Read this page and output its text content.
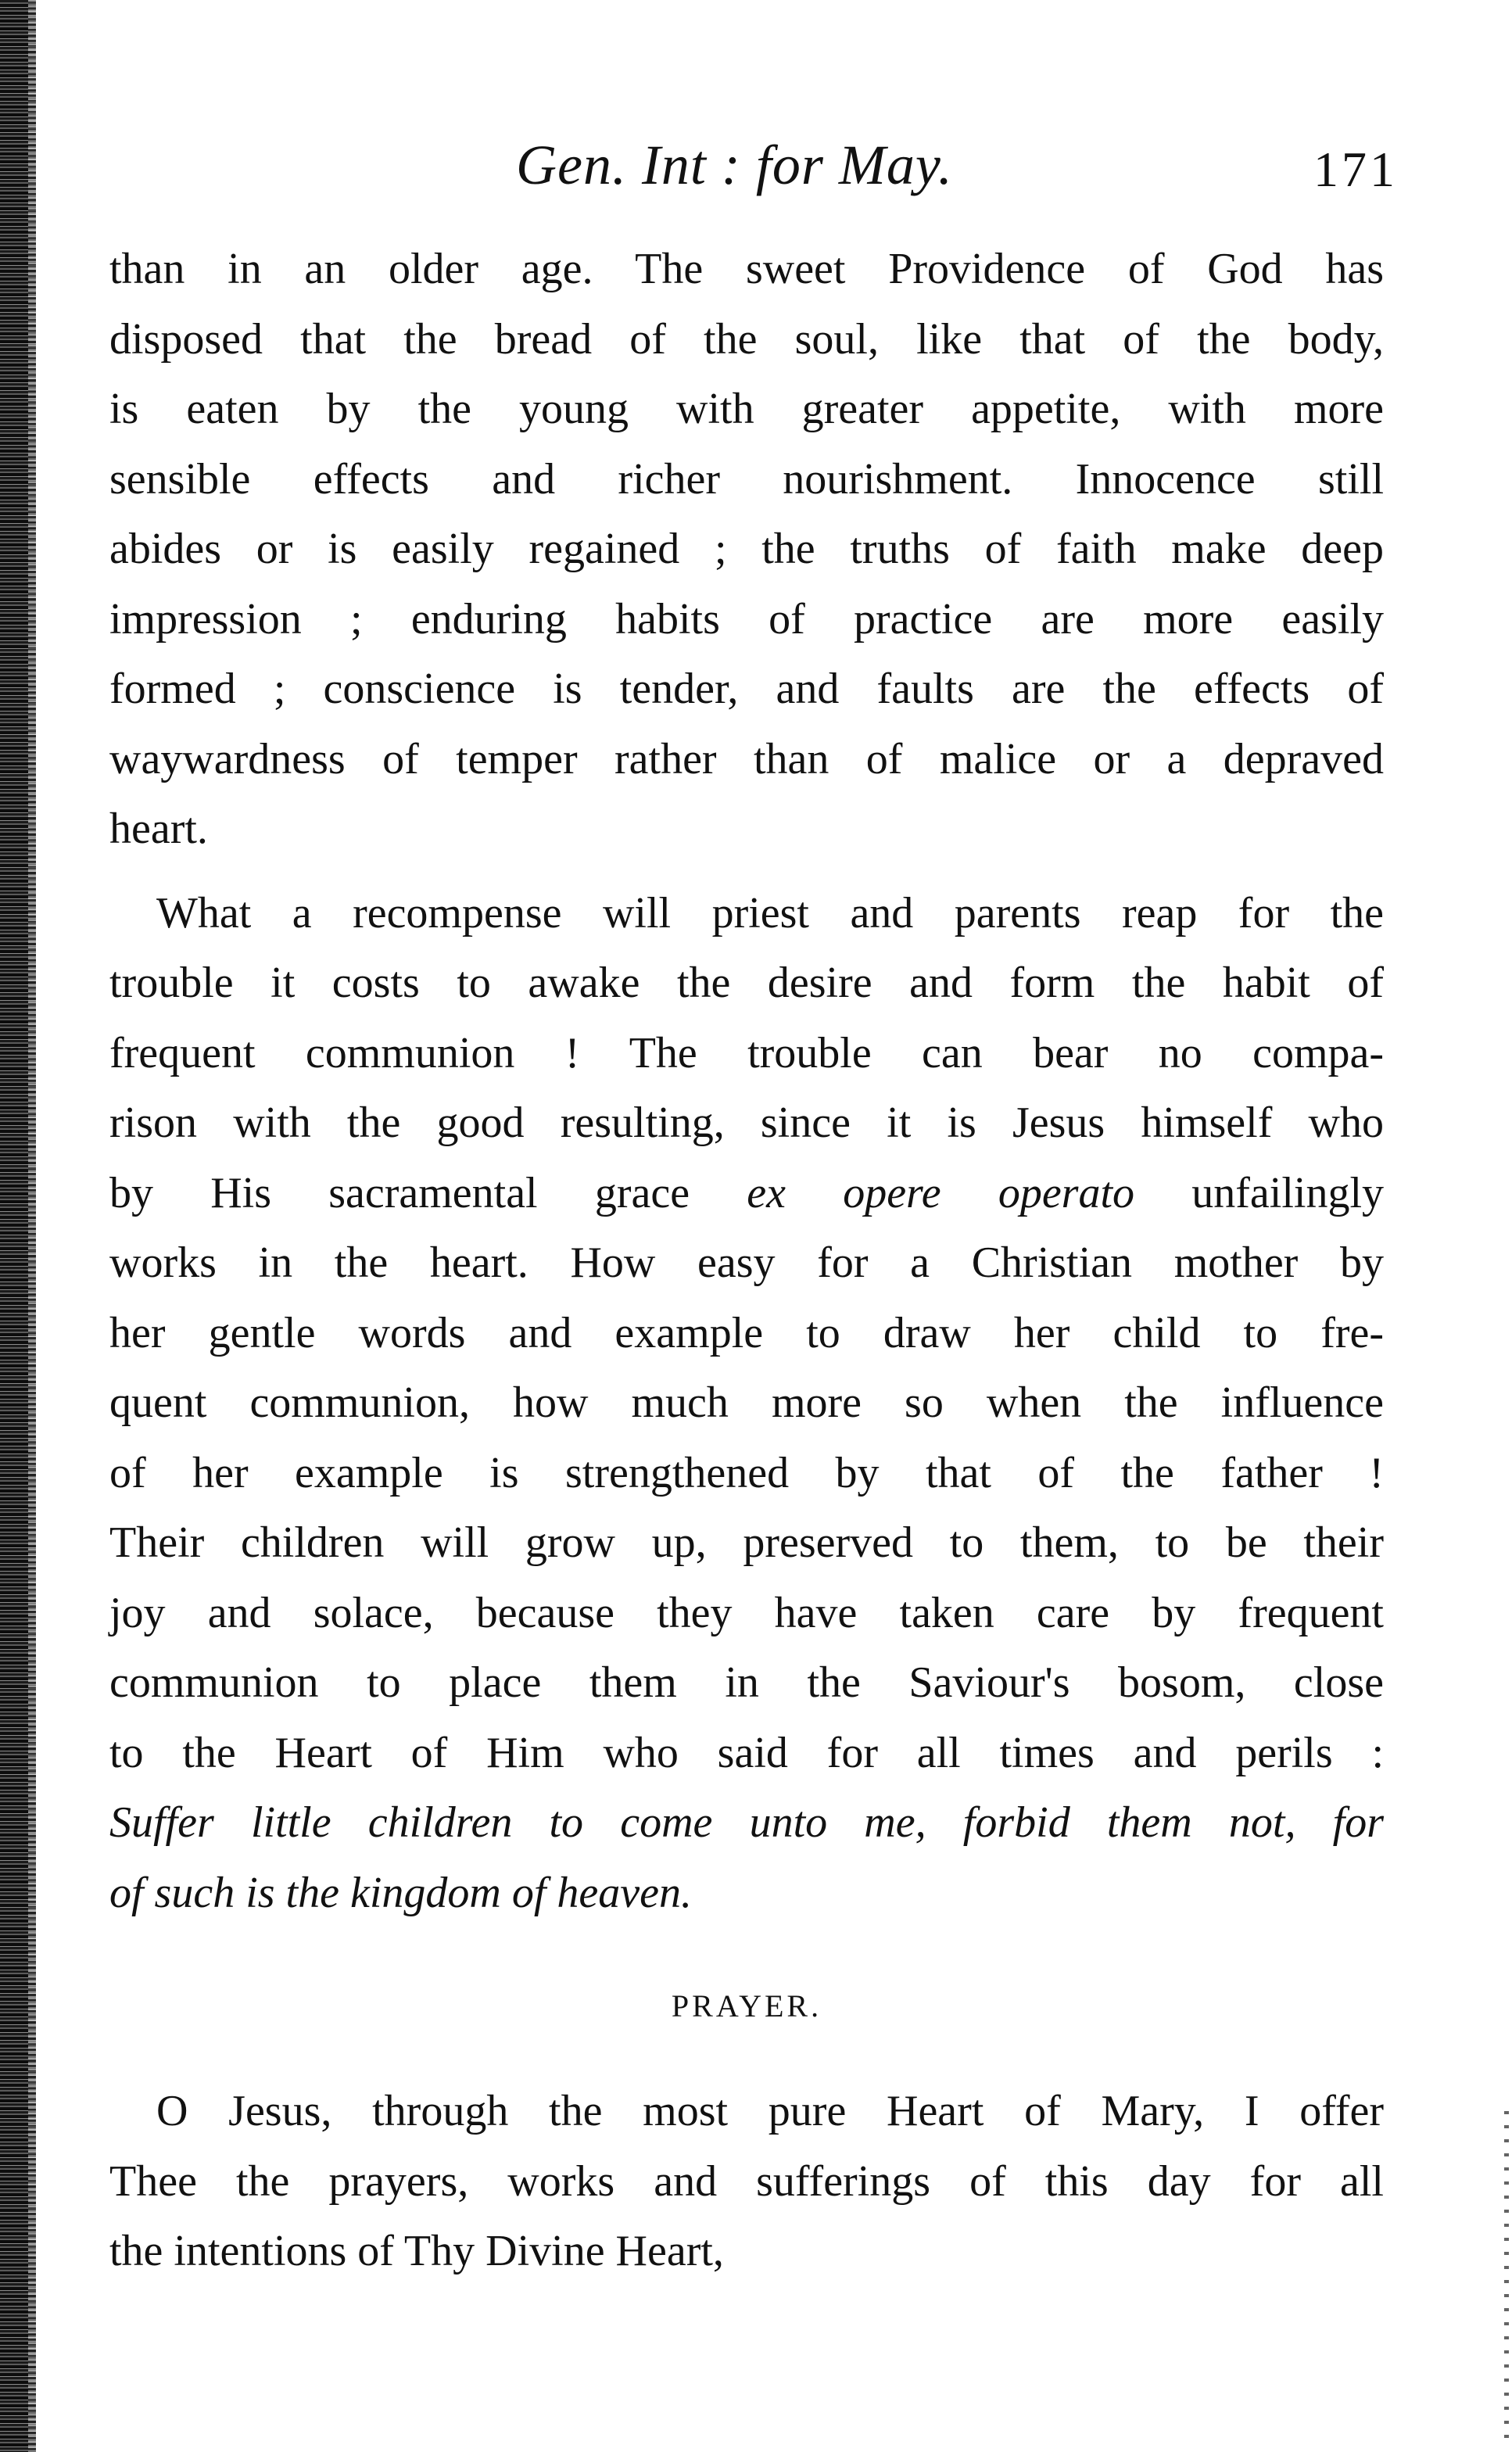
Gen. Int : for May.	171

than in an older age. The sweet Providence of God has
disposed that the bread of the soul, like that of the body,
is eaten by the young with greater appetite, with more
sensible effects and richer nourishment. Innocence still
abides or is easily regained ; the truths of faith make deep
impression ; enduring habits of practice are more easily
formed ; conscience is tender, and faults are the effects of
waywardness of temper rather than of malice or a depraved
heart.

What a recompense will priest and parents reap for the
trouble it costs to awake the desire and form the habit of
frequent communion ! The trouble can bear no compa-
rison with the good resulting, since it is Jesus himself who
by His sacramental grace ex opere operato unfailingly
works in the heart. How easy for a Christian mother by
her gentle words and example to draw her child to fre-
quent communion, how much more so when the influence
of her example is strengthened by that of the father !
Their children will grow up, preserved to them, to be their
joy and solace, because they have taken care by frequent
communion to place them in the Saviour's bosom, close
to the Heart of Him who said for all times and perils :
Suffer little children to come unto me, forbid them not, for
of such is the kingdom of heaven.

PRAYER.

O Jesus, through the most pure Heart of Mary, I offer
Thee the prayers, works and sufferings of this day for all
the intentions of Thy Divine Heart,
